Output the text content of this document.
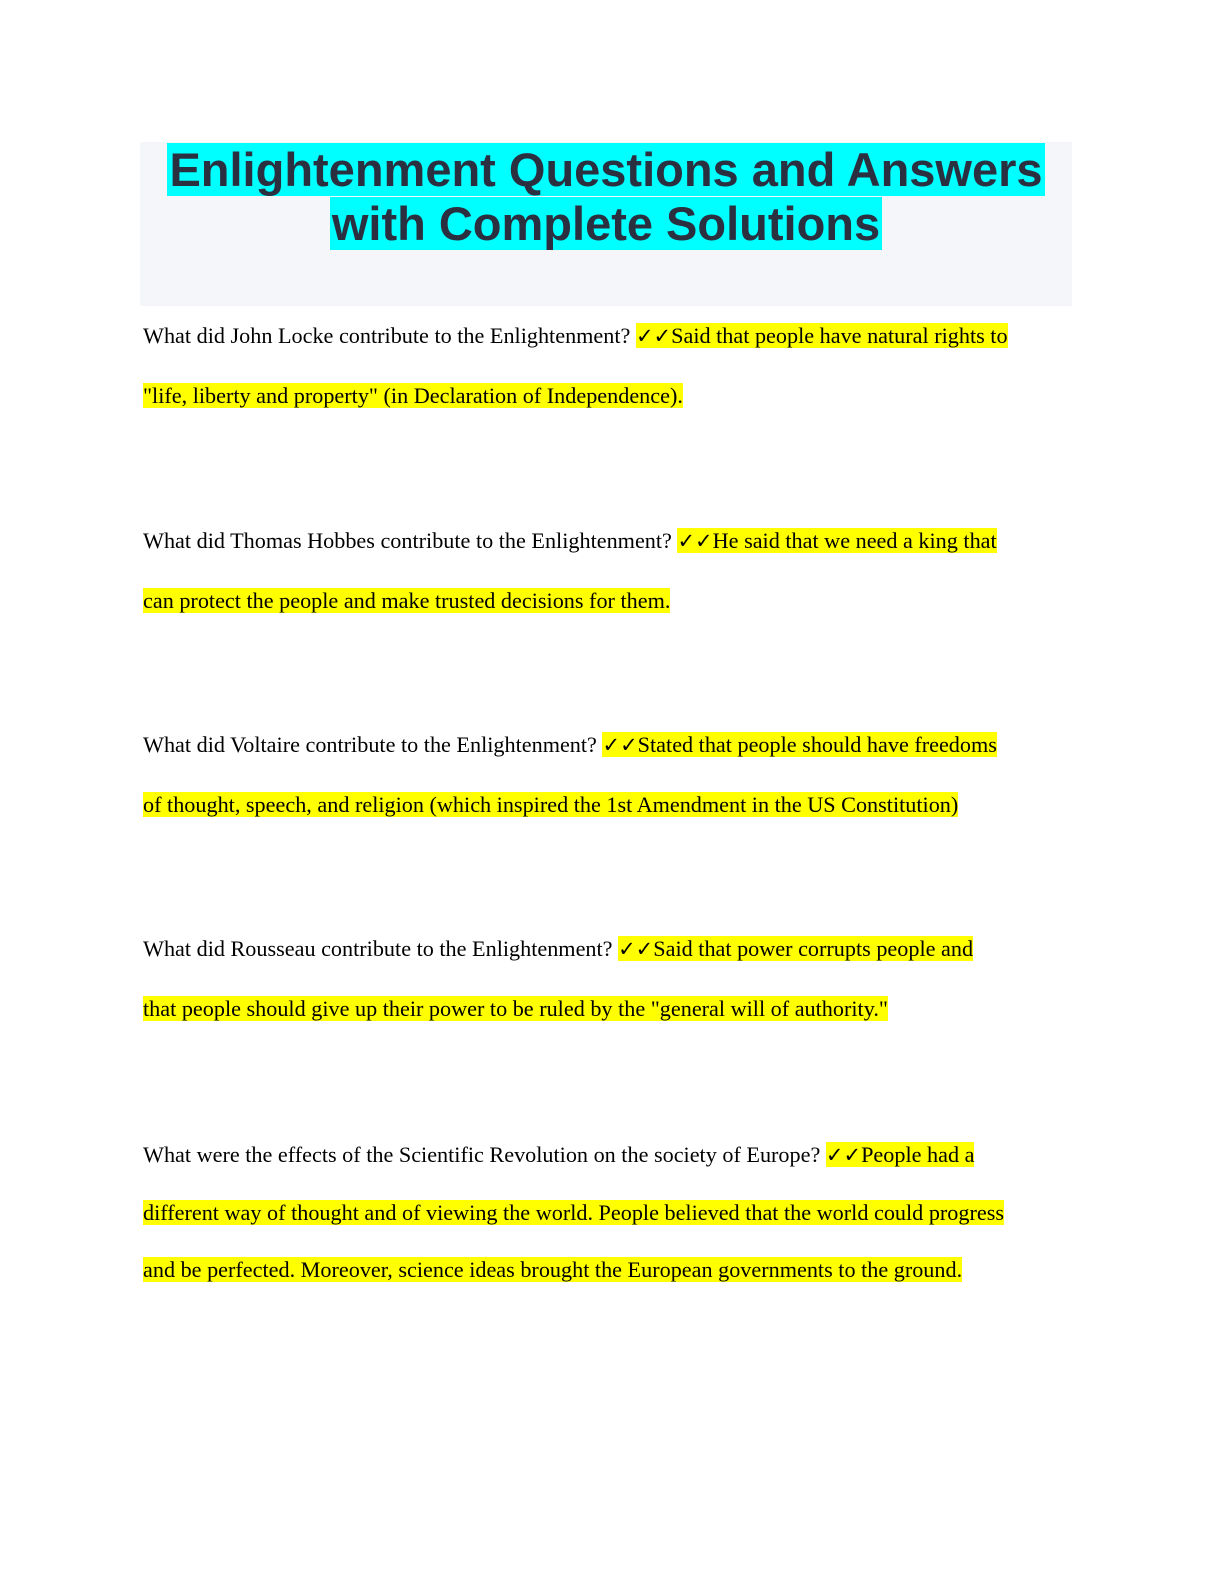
Enlightenment Questions and Answers
with Complete Solutions
What did John Locke contribute to the Enlightenment? ✓✓Said that people have natural rights to
"life, liberty and property" (in Declaration of Independence).
What did Thomas Hobbes contribute to the Enlightenment? ✓✓He said that we need a king that
can protect the people and make trusted decisions for them.
What did Voltaire contribute to the Enlightenment? ✓✓Stated that people should have freedoms
of thought, speech, and religion (which inspired the 1st Amendment in the US Constitution)
What did Rousseau contribute to the Enlightenment? ✓✓Said that power corrupts people and
that people should give up their power to be ruled by the "general will of authority."
What were the effects of the Scientific Revolution on the society of Europe? ✓✓People had a
different way of thought and of viewing the world. People believed that the world could progress
and be perfected. Moreover, science ideas brought the European governments to the ground.
